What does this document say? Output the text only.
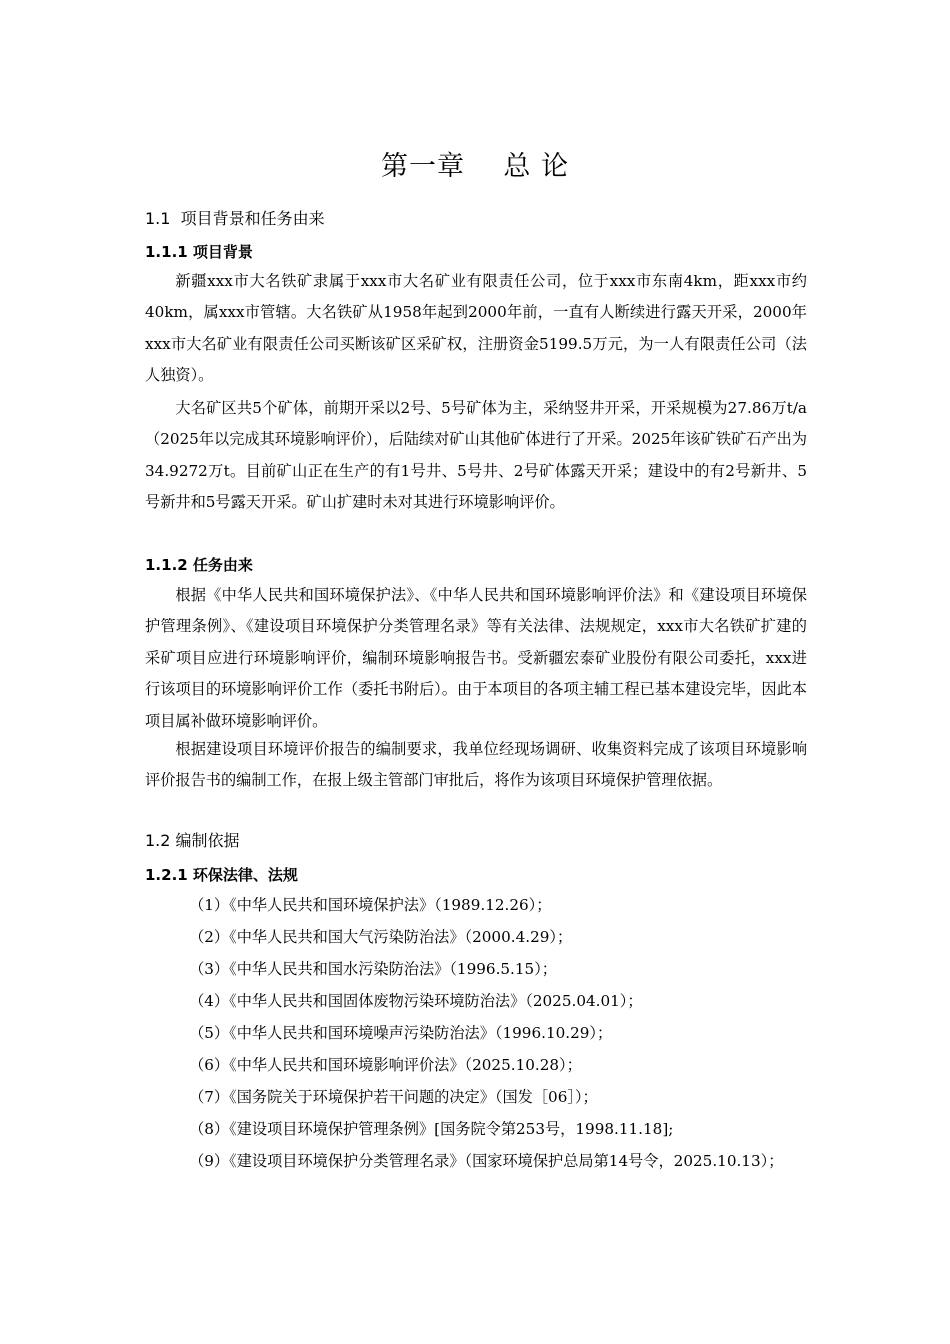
第一章    总 论
1.1  项目背景和任务由来
1.1.1 项目背景

新疆xxx市大名铁矿隶属于xxx市大名矿业有限责任公司，位于xxx市东南4km，距xxx市约40km，属xxx市管辖。大名铁矿从1958年起到2000年前，一直有人断续进行露天开采，2000年xxx市大名矿业有限责任公司买断该矿区采矿权，注册资金5199.5万元，为一人有限责任公司（法人独资）。

大名矿区共5个矿体，前期开采以2号、5号矿体为主，采纳竖井开采，开采规模为27.86万t/a（2025年以完成其环境影响评价），后陆续对矿山其他矿体进行了开采。2025年该矿铁矿石产出为34.9272万t。目前矿山正在生产的有1号井、5号井、2号矿体露天开采；建设中的有2号新井、5号新井和5号露天开采。矿山扩建时未对其进行环境影响评价。

1.1.2 任务由来

根据《中华人民共和国环境保护法》、《中华人民共和国环境影响评价法》和《建设项目环境保护管理条例》、《建设项目环境保护分类管理名录》等有关法律、法规规定，xxx市大名铁矿扩建的采矿项目应进行环境影响评价，编制环境影响报告书。受新疆宏泰矿业股份有限公司委托，xxx进行该项目的环境影响评价工作（委托书附后）。由于本项目的各项主辅工程已基本建设完毕，因此本项目属补做环境影响评价。

根据建设项目环境评价报告的编制要求，我单位经现场调研、收集资料完成了该项目环境影响评价报告书的编制工作，在报上级主管部门审批后，将作为该项目环境保护管理依据。

1.2 编制依据
1.2.1 环保法律、法规

（1）《中华人民共和国环境保护法》（1989.12.26）；

（2）《中华人民共和国大气污染防治法》（2000.4.29）；

（3）《中华人民共和国水污染防治法》（1996.5.15）；

（4）《中华人民共和国固体废物污染环境防治法》（2025.04.01）；

（5）《中华人民共和国环境噪声污染防治法》（1996.10.29）；

（6）《中华人民共和国环境影响评价法》（2025.10.28）；

（7）《国务院关于环境保护若干问题的决定》（国发［06］）；

（8）《建设项目环境保护管理条例》[国务院令第253号，1998.11.18];

（9）《建设项目环境保护分类管理名录》（国家环境保护总局第14号令，2025.10.13）；
